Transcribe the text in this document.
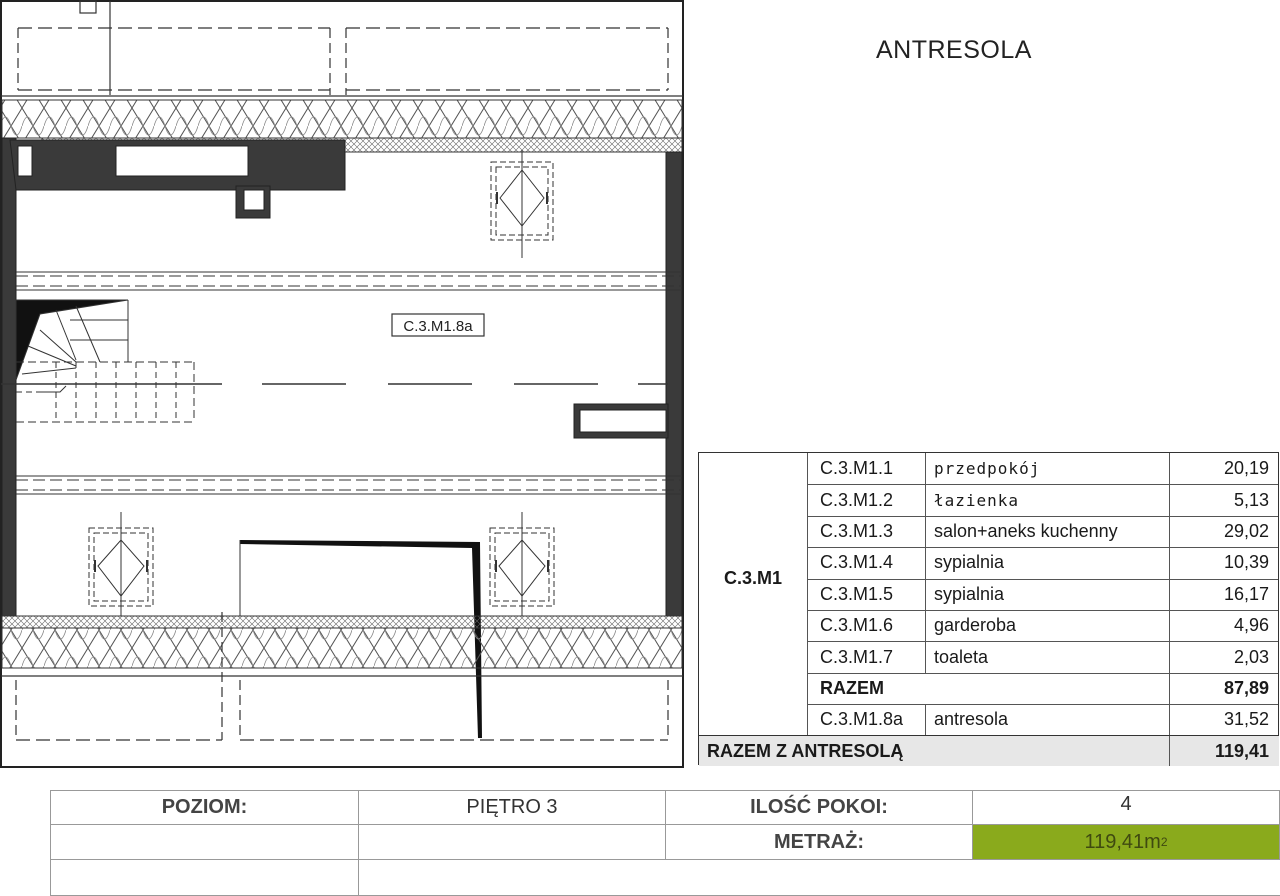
C.3.M1.8a
ANTRESOLA
C.3.M1
C.3.M1.1	przedpokój	20,19
C.3.M1.2	łazienka	5,13
C.3.M1.3	salon+aneks kuchenny	29,02
C.3.M1.4	sypialnia	10,39
C.3.M1.5	sypialnia	16,17
C.3.M1.6	garderoba	4,96
C.3.M1.7	toaleta	2,03
RAZEM	87,89
C.3.M1.8a	antresola	31,52
RAZEM Z ANTRESOLĄ	119,41
POZIOM:	PIĘTRO 3	ILOŚĆ POKOI:	4
METRAŻ:	119,41m 2
